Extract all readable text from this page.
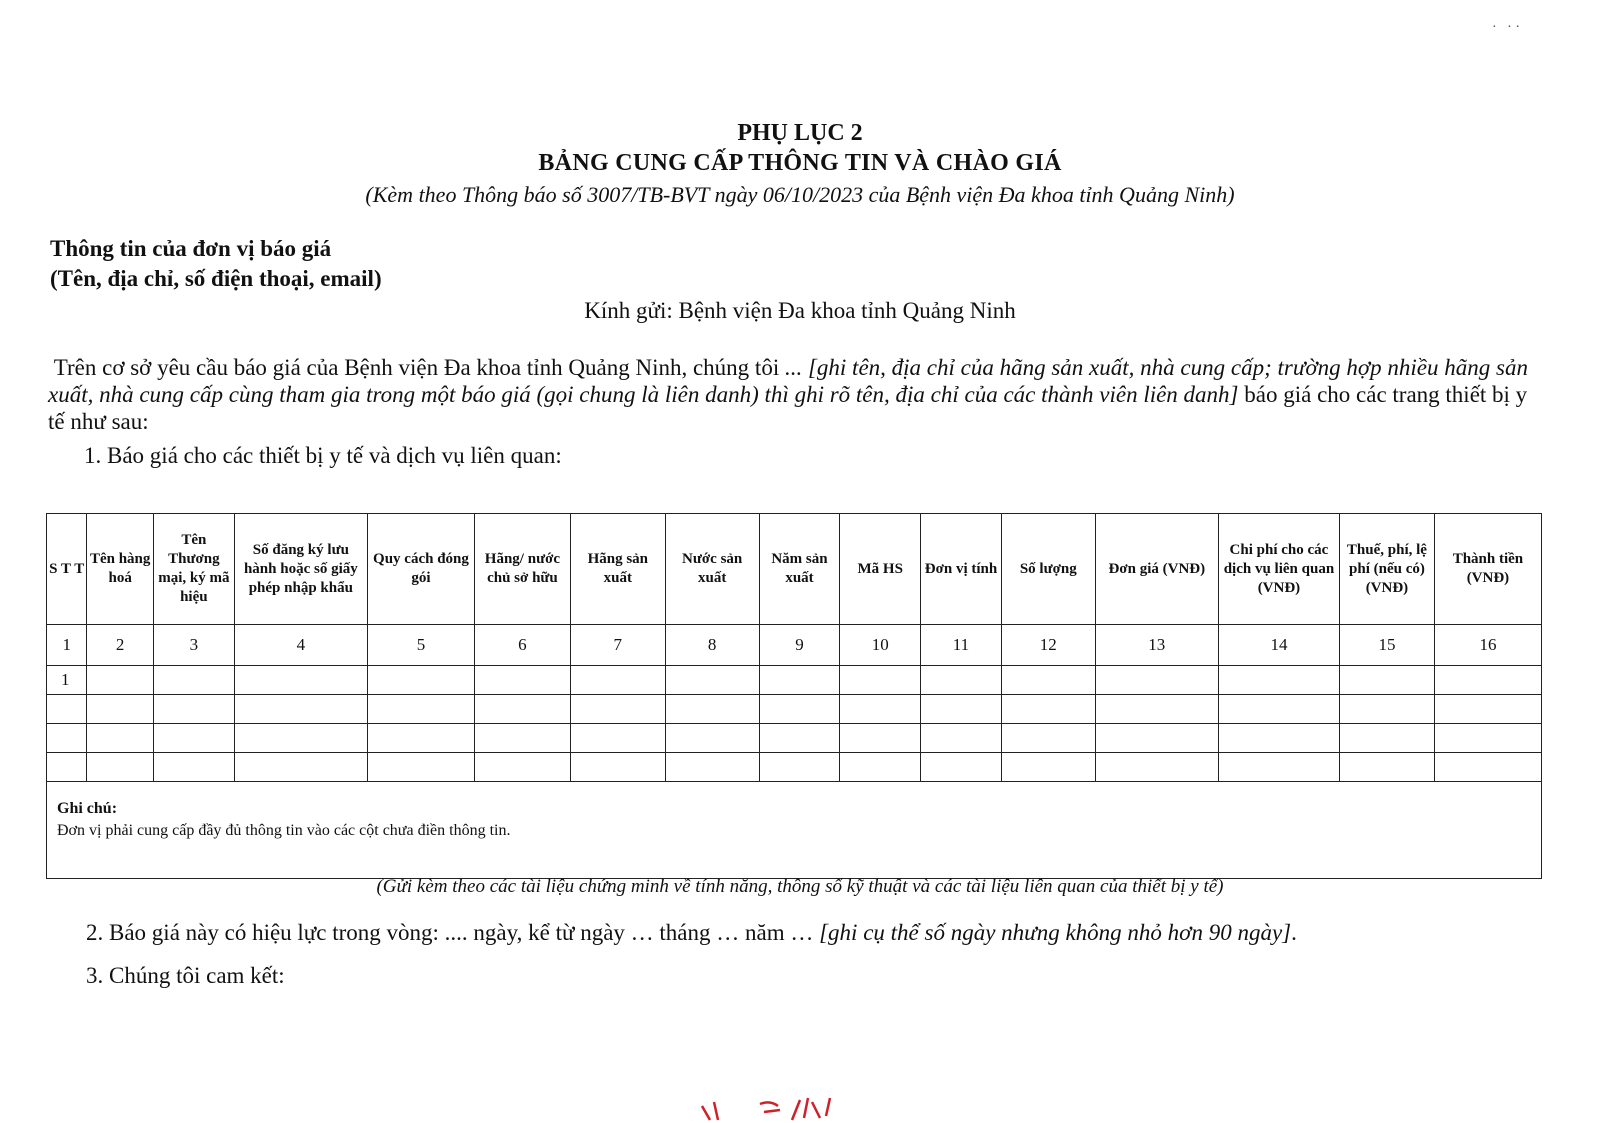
·   · ·
PHỤ LỤC 2
BẢNG CUNG CẤP THÔNG TIN VÀ CHÀO GIÁ
(Kèm theo Thông báo số 3007/TB-BVT ngày 06/10/2023 của Bệnh viện Đa khoa tỉnh Quảng Ninh)
Thông tin của đơn vị báo giá
(Tên, địa chỉ, số điện thoại, email)
Kính gửi: Bệnh viện Đa khoa tỉnh Quảng Ninh
Trên cơ sở yêu cầu báo giá của Bệnh viện Đa khoa tỉnh Quảng Ninh, chúng tôi ... [ghi tên, địa chỉ của hãng sản xuất, nhà cung cấp; trường hợp nhiều hãng sản xuất, nhà cung cấp cùng tham gia trong một báo giá (gọi chung là liên danh) thì ghi rõ tên, địa chỉ của các thành viên liên danh] báo giá cho các trang thiết bị y tế như sau:
1. Báo giá cho các thiết bị y tế và dịch vụ liên quan:
S T T	Tên hàng hoá	Tên Thương mại, ký mã hiệu	Số đăng ký lưu hành hoặc số giấy phép nhập khẩu	Quy cách đóng gói	Hãng/ nước chủ sở hữu	Hãng sản xuất	Nước sản xuất	Năm sản xuất	Mã HS	Đơn vị tính	Số lượng	Đơn giá (VNĐ)	Chi phí cho các dịch vụ liên quan (VNĐ)	Thuế, phí, lệ phí (nếu có) (VNĐ)	Thành tiền (VNĐ)
1	2	3	4	5	6	7	8	9	10	11	12	13	14	15	16
1															

Ghi chú:
Đơn vị phải cung cấp đầy đủ thông tin vào các cột chưa điền thông tin.															
(Gửi kèm theo các tài liệu chứng minh về tính năng, thông số kỹ thuật và các tài liệu liên quan của thiết bị y tế)
2. Báo giá này có hiệu lực trong vòng: .... ngày, kể từ ngày … tháng … năm … [ghi cụ thể số ngày nhưng không nhỏ hơn 90 ngày].
3. Chúng tôi cam kết:
